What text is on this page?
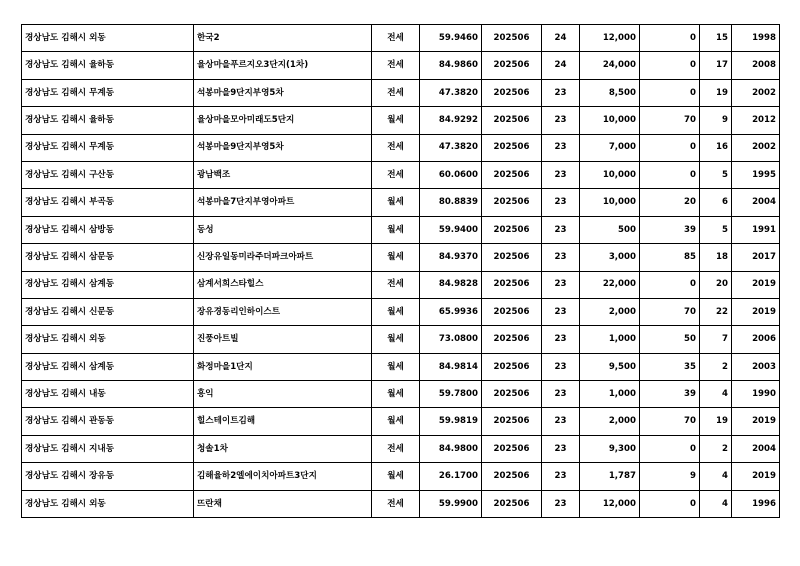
경상남도 김해시 외동	한국2	전세	59.9460	202506	24	12,000	0	15	1998
경상남도 김해시 율하동	율상마을푸르지오3단지(1차)	전세	84.9860	202506	24	24,000	0	17	2008
경상남도 김해시 무계동	석봉마을9단지부영5차	전세	47.3820	202506	23	8,500	0	19	2002
경상남도 김해시 율하동	율상마을모아미래도5단지	월세	84.9292	202506	23	10,000	70	9	2012
경상남도 김해시 무계동	석봉마을9단지부영5차	전세	47.3820	202506	23	7,000	0	16	2002
경상남도 김해시 구산동	광남백조	전세	60.0600	202506	23	10,000	0	5	1995
경상남도 김해시 부곡동	석봉마을7단지부영아파트	월세	80.8839	202506	23	10,000	20	6	2004
경상남도 김해시 삼방동	동성	월세	59.9400	202506	23	500	39	5	1991
경상남도 김해시 삼문동	신장유일동미라주더파크아파트	월세	84.9370	202506	23	3,000	85	18	2017
경상남도 김해시 삼계동	삼계서희스타힐스	전세	84.9828	202506	23	22,000	0	20	2019
경상남도 김해시 신문동	장유경동리인하이스트	월세	65.9936	202506	23	2,000	70	22	2019
경상남도 김해시 외동	진풍아트빌	월세	73.0800	202506	23	1,000	50	7	2006
경상남도 김해시 삼계동	화정마을1단지	월세	84.9814	202506	23	9,500	35	2	2003
경상남도 김해시 내동	흥익	월세	59.7800	202506	23	1,000	39	4	1990
경상남도 김해시 관동동	힐스테이트김해	월세	59.9819	202506	23	2,000	70	19	2019
경상남도 김해시 지내동	청솔1차	전세	84.9800	202506	23	9,300	0	2	2004
경상남도 김해시 장유동	김해율하2엘에이치아파트3단지	월세	26.1700	202506	23	1,787	9	4	2019
경상남도 김해시 외동	뜨란채	전세	59.9900	202506	23	12,000	0	4	1996
